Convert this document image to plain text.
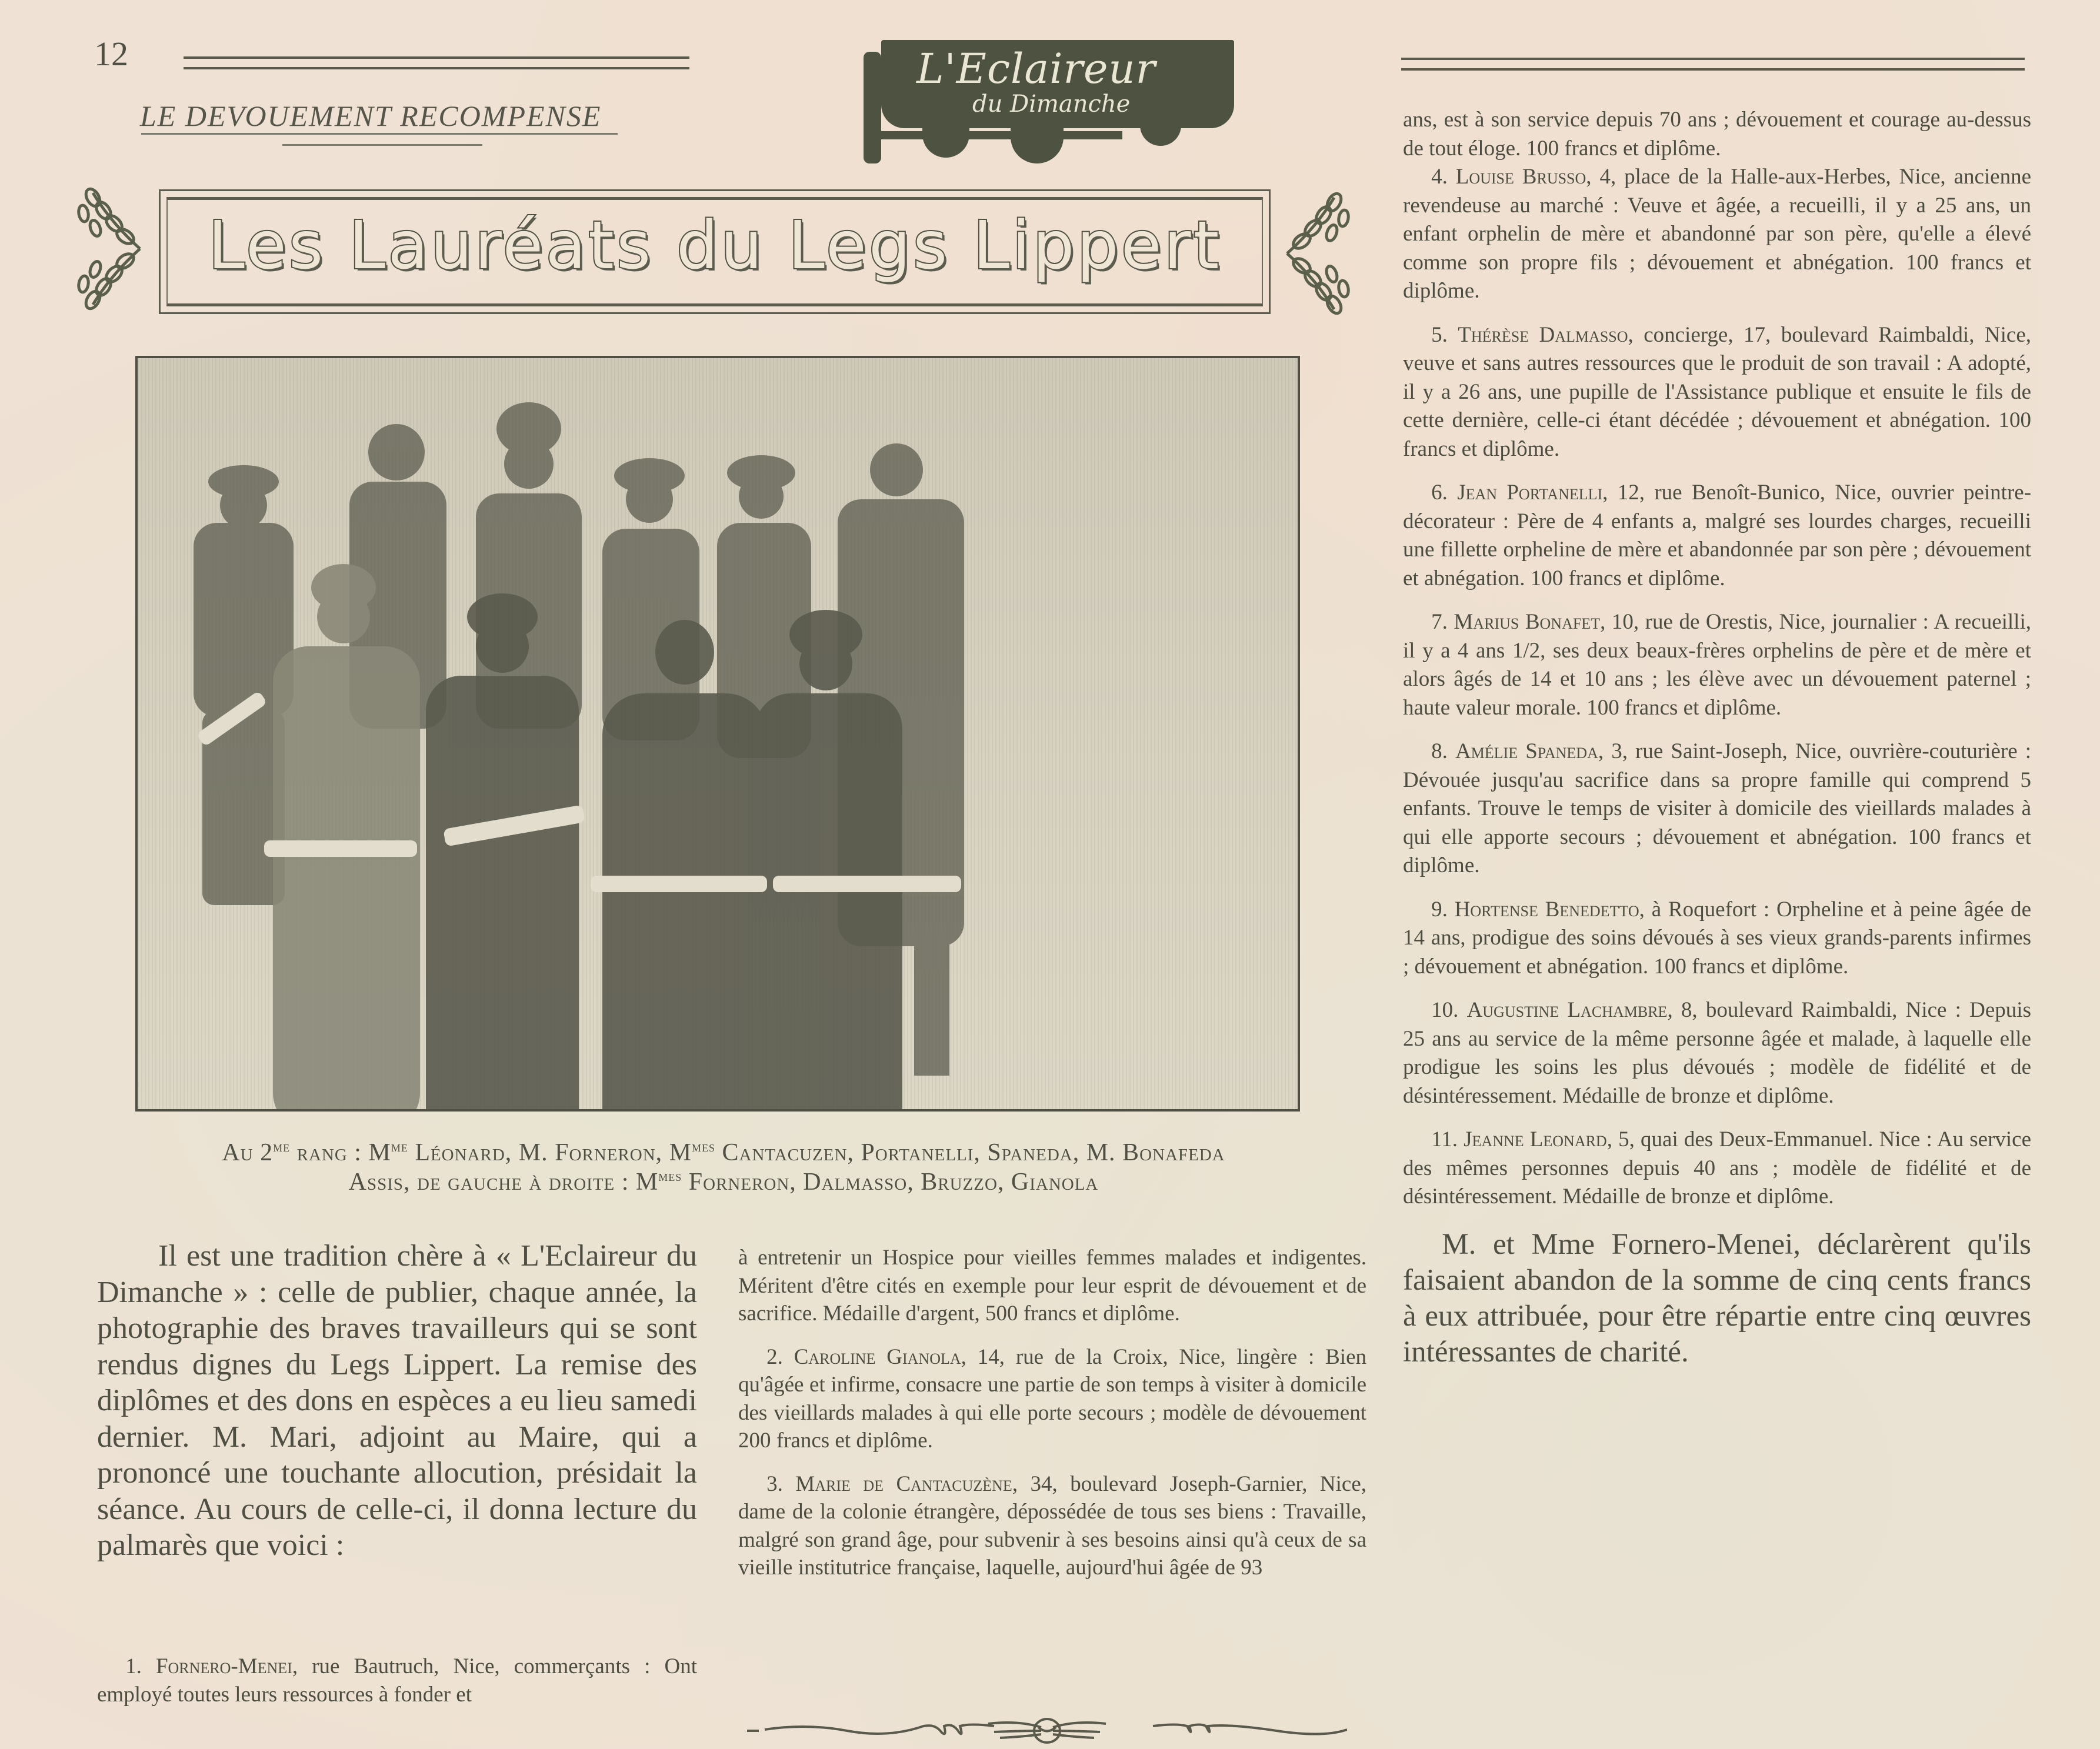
12
LE DEVOUEMENT RECOMPENSE
L'Eclaireur
du Dimanche
Les Lauréats du Legs Lippert
Au $2^{me}$ rang : $M^{me}$ Léonard, M. Forneron, $M^{mes}$ Cantacuzen, Portanelli, Spaneda, M. Bonafeda
Assis, de gauche à droite : $M^{mes}$ Forneron, Dalmasso, Bruzzo, Gianola

Il est une tradition chère à « L'Eclaireur du Dimanche » : celle de publier, chaque année, la photographie des braves travailleurs qui se sont rendus dignes du Legs Lippert. La remise des diplômes et des dons en espèces a eu lieu samedi dernier. M. Mari, adjoint au Maire, qui a prononcé une touchante allocution, présidait la séance. Au cours de celle-ci, il donna lecture du palmarès que voici :

1. Fornero-Menei, rue Bautruch, Nice, commerçants : Ont employé toutes leurs ressources à fonder et

à entretenir un Hospice pour vieilles femmes malades et indigentes. Méritent d'être cités en exemple pour leur esprit de dévouement et de sacrifice. Médaille d'argent, 500 francs et diplôme.

2. Caroline Gianola, 14, rue de la Croix, Nice, lingère : Bien qu'âgée et infirme, consacre une partie de son temps à visiter à domicile des vieillards malades à qui elle porte secours ; modèle de dévouement 200 francs et diplôme.

3. Marie de Cantacuzène, 34, boulevard Joseph-Garnier, Nice, dame de la colonie étrangère, dépossédée de tous ses biens : Travaille, malgré son grand âge, pour subvenir à ses besoins ainsi qu'à ceux de sa vieille institutrice française, laquelle, aujourd'hui âgée de 93

ans, est à son service depuis 70 ans ; dévouement et courage au-dessus de tout éloge. 100 francs et diplôme.

4. Louise Brusso, 4, place de la Halle-aux-Herbes, Nice, ancienne revendeuse au marché : Veuve et âgée, a recueilli, il y a 25 ans, un enfant orphelin de mère et abandonné par son père, qu'elle a élevé comme son propre fils ; dévouement et abnégation. 100 francs et diplôme.

5. Thérèse Dalmasso, concierge, 17, boulevard Raimbaldi, Nice, veuve et sans autres ressources que le produit de son travail : A adopté, il y a 26 ans, une pupille de l'Assistance publique et ensuite le fils de cette dernière, celle-ci étant décédée ; dévouement et abnégation. 100 francs et diplôme.

6. Jean Portanelli, 12, rue Benoît-Bunico, Nice, ouvrier peintre-décorateur : Père de 4 enfants a, malgré ses lourdes charges, recueilli une fillette orpheline de mère et abandonnée par son père ; dévouement et abnégation. 100 francs et diplôme.

7. Marius Bonafet, 10, rue de Orestis, Nice, journalier : A recueilli, il y a 4 ans 1/2, ses deux beaux-frères orphelins de père et de mère et alors âgés de 14 et 10 ans ; les élève avec un dévouement paternel ; haute valeur morale. 100 francs et diplôme.

8. Amélie Spaneda, 3, rue Saint-Joseph, Nice, ouvrière-couturière : Dévouée jusqu'au sacrifice dans sa propre famille qui comprend 5 enfants. Trouve le temps de visiter à domicile des vieillards malades à qui elle apporte secours ; dévouement et abnégation. 100 francs et diplôme.

9. Hortense Benedetto, à Roquefort : Orpheline et à peine âgée de 14 ans, prodigue des soins dévoués à ses vieux grands-parents infirmes ; dévouement et abnégation. 100 francs et diplôme.

10. Augustine Lachambre, 8, boulevard Raimbaldi, Nice : Depuis 25 ans au service de la même personne âgée et malade, à laquelle elle prodigue les soins les plus dévoués ; modèle de fidélité et de désintéressement. Médaille de bronze et diplôme.

11. Jeanne Leonard, 5, quai des Deux-Emmanuel. Nice : Au service des mêmes personnes depuis 40 ans ; modèle de fidélité et de désintéressement. Médaille de bronze et diplôme.

M. et Mme Fornero-Menei, déclarèrent qu'ils faisaient abandon de la somme de cinq cents francs à eux attribuée, pour être répartie entre cinq œuvres intéressantes de charité.
